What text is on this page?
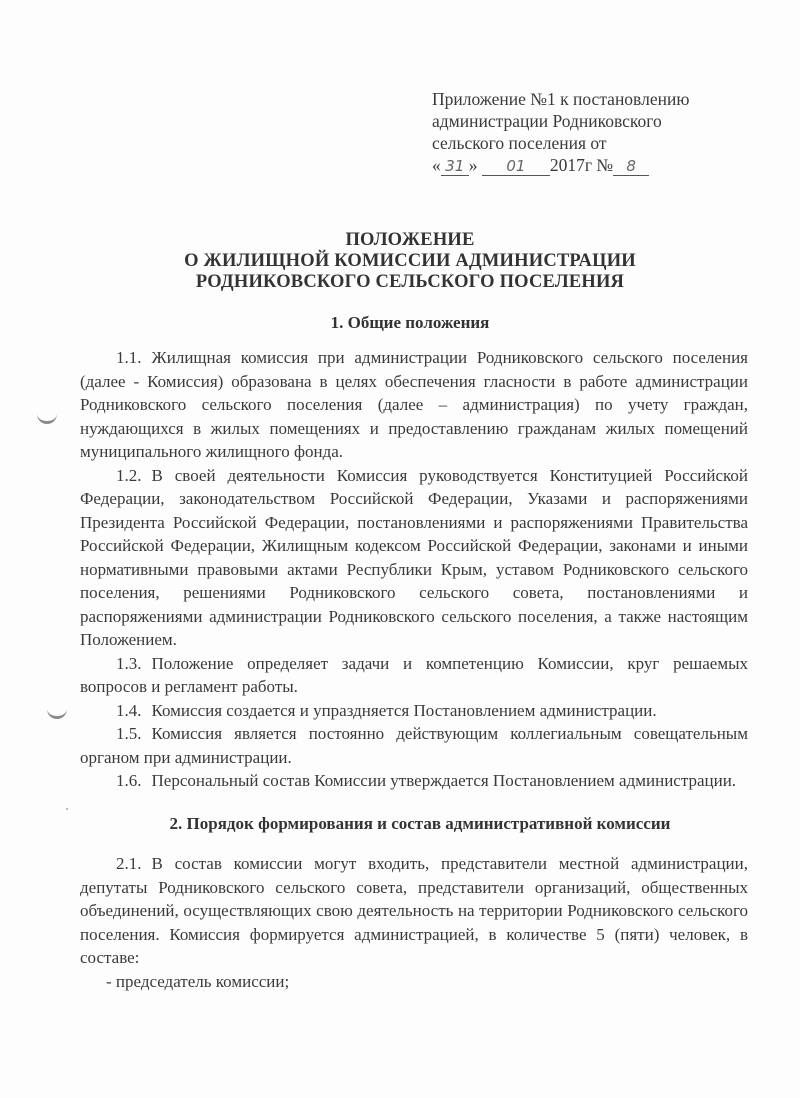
Приложение №1 к постановлению
администрации Родниковского
сельского поселения от
« 31 » 01 2017г № 8
ПОЛОЖЕНИЕ
О ЖИЛИЩНОЙ КОМИССИИ АДМИНИСТРАЦИИ
РОДНИКОВСКОГО СЕЛЬСКОГО ПОСЕЛЕНИЯ
1. Общие положения

1.1. Жилищная комиссия при администрации Родниковского сельского поселения (далее - Комиссия) образована в целях обеспечения гласности в работе администрации Родниковского сельского поселения (далее – администрация) по учету граждан, нуждающихся в жилых помещениях и предоставлению гражданам жилых помещений муниципального жилищного фонда.

1.2. В своей деятельности Комиссия руководствуется Конституцией Российской Федерации, законодательством Российской Федерации, Указами и распоряжениями Президента Российской Федерации, постановлениями и распоряжениями Правительства Российской Федерации, Жилищным кодексом Российской Федерации, законами и иными нормативными правовыми актами Республики Крым, уставом Родниковского сельского поселения, решениями Родниковского сельского совета, постановлениями и распоряжениями администрации Родниковского сельского поселения, а также настоящим Положением.

1.3. Положение определяет задачи и компетенцию Комиссии, круг решаемых вопросов и регламент работы.

1.4. Комиссия создается и упраздняется Постановлением администрации.

1.5. Комиссия является постоянно действующим коллегиальным совещательным органом при администрации.

1.6. Персональный состав Комиссии утверждается Постановлением администрации.

2. Порядок формирования и состав административной комиссии

2.1. В состав комиссии могут входить, представители местной администрации, депутаты Родниковского сельского совета, представители организаций, общественных объединений, осуществляющих свою деятельность на территории Родниковского сельского поселения. Комиссия формируется администрацией, в количестве 5 (пяти) человек, в составе:

- председатель комиссии;
